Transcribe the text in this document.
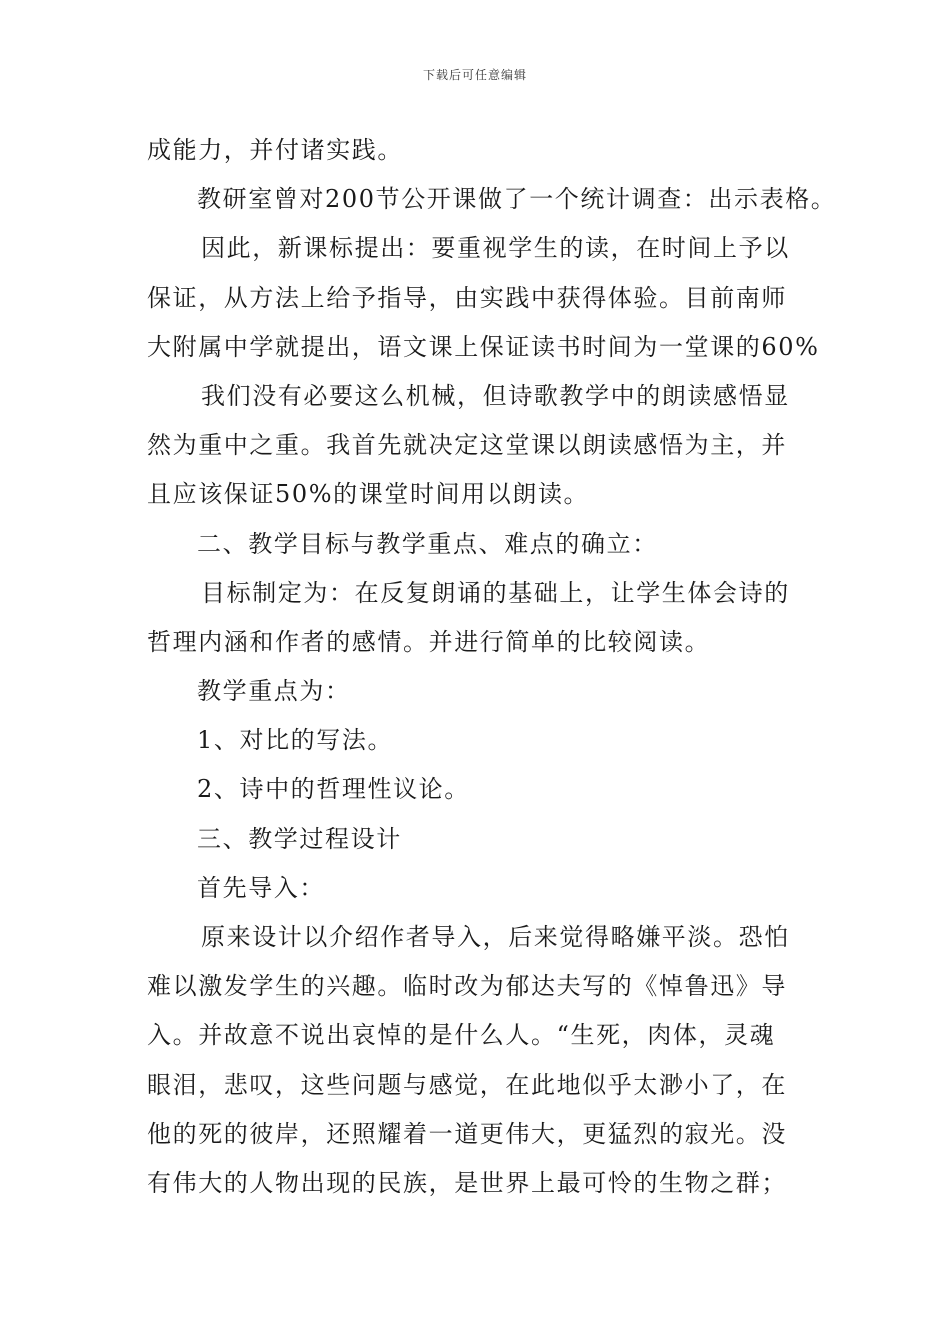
下载后可任意编辑
成能力，并付诸实践。
教研室曾对200节公开课做了一个统计调查：出示表格。
因此，新课标提出：要重视学生的读，在时间上予以
保证，从方法上给予指导，由实践中获得体验。目前南师
大附属中学就提出，语文课上保证读书时间为一堂课的60%
我们没有必要这么机械，但诗歌教学中的朗读感悟显
然为重中之重。我首先就决定这堂课以朗读感悟为主，并
且应该保证50%的课堂时间用以朗读。
二、教学目标与教学重点、难点的确立：
目标制定为：在反复朗诵的基础上，让学生体会诗的
哲理内涵和作者的感情。并进行简单的比较阅读。
教学重点为：
1、对比的写法。
2、诗中的哲理性议论。
三、教学过程设计
首先导入：
原来设计以介绍作者导入，后来觉得略嫌平淡。恐怕
难以激发学生的兴趣。临时改为郁达夫写的《悼鲁迅》导
入。并故意不说出哀悼的是什么人。“生死，肉体，灵魂
眼泪，悲叹，这些问题与感觉，在此地似乎太渺小了，在
他的死的彼岸，还照耀着一道更伟大，更猛烈的寂光。没
有伟大的人物出现的民族，是世界上最可怜的生物之群；
